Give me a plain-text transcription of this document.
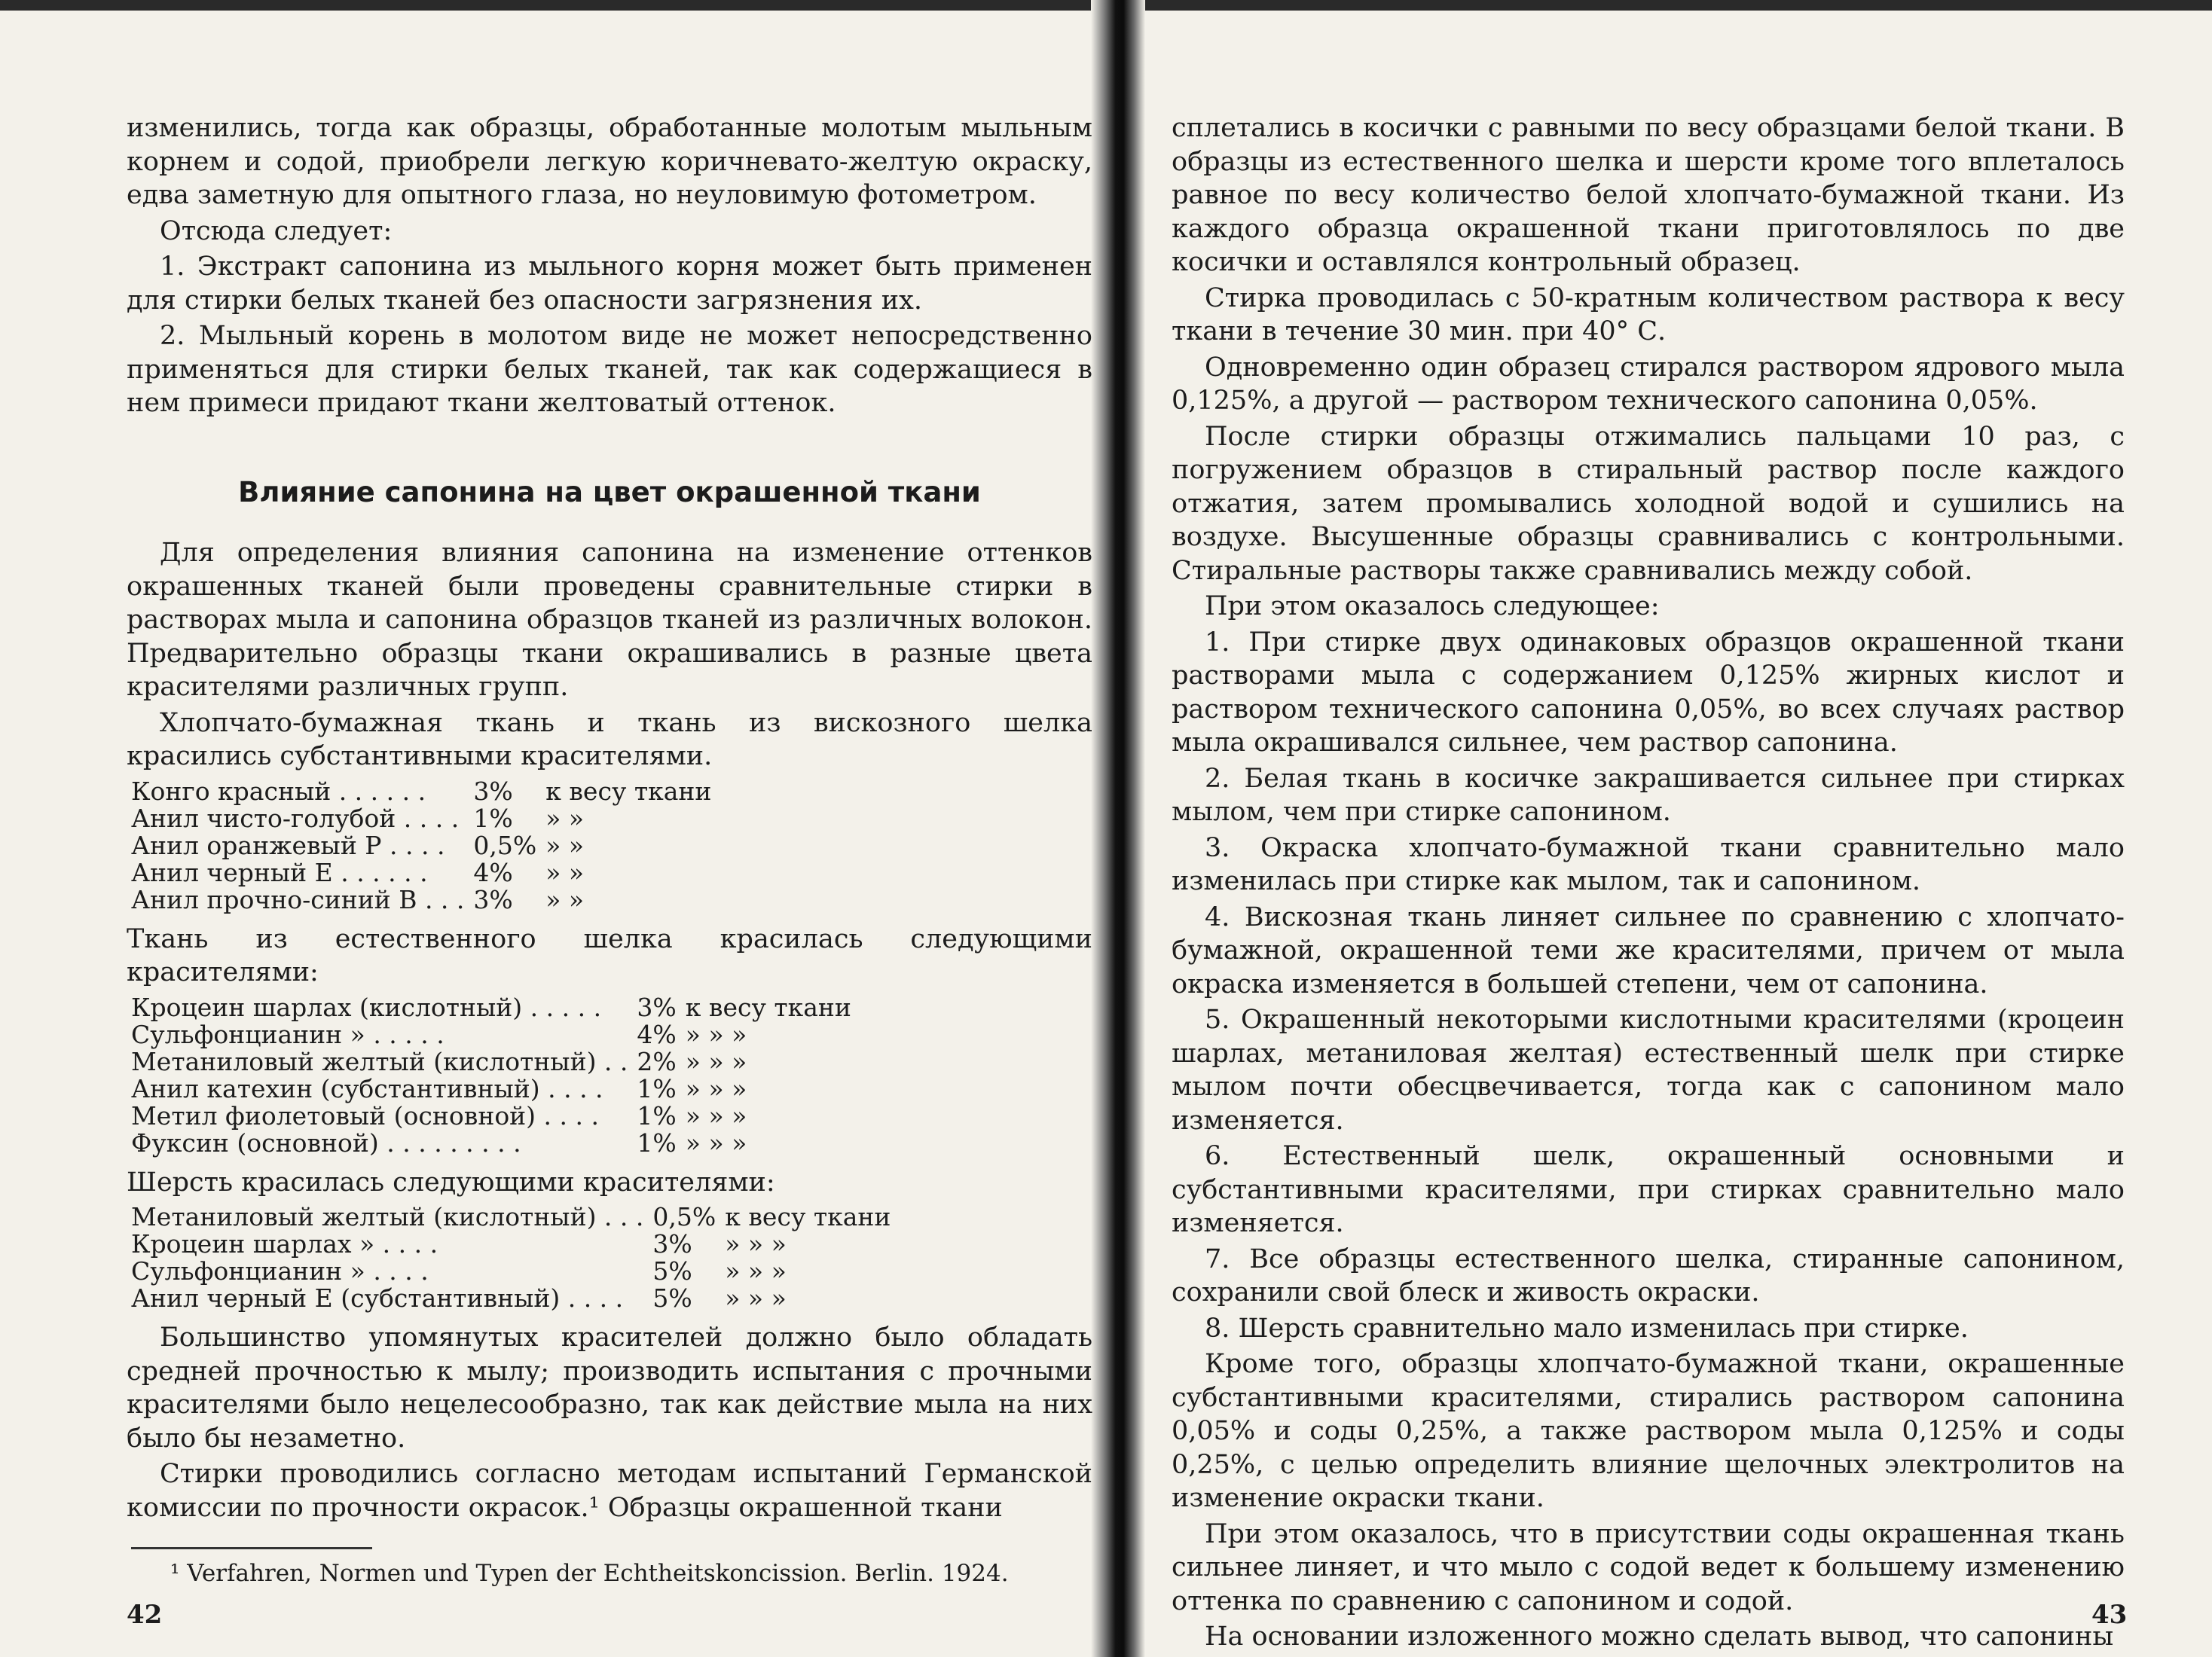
изменились, тогда как образцы, обработанные молотым мыльным корнем и содой, приобрели легкую коричневато-желтую окраску, едва заметную для опытного глаза, но неуловимую фотометром.

Отсюда следует:

1. Экстракт сапонина из мыльного корня может быть применен для стирки белых тканей без опасности загрязнения их.

2. Мыльный корень в молотом виде не может непосредственно применяться для стирки белых тканей, так как содержащиеся в нем примеси придают ткани желтоватый оттенок.

Влияние сапонина на цвет окрашенной ткани

Для определения влияния сапонина на изменение оттенков окрашенных тканей были проведены сравнительные стирки в растворах мыла и сапонина образцов тканей из различных волокон. Предварительно образцы ткани окрашивались в разные цвета красителями различных групп.

Хлопчато-бумажная ткань и ткань из вискозного шелка красились субстантивными красителями.

Конго красный . . . . . .	3%	к весу ткани
Анил чисто-голубой . . . .	1%	» »
Анил оранжевый Р . . . .	0,5%	» »
Анил черный Е . . . . . .	4%	» »
Анил прочно-синий В . . .	3%	» »

Ткань из естественного шелка красилась следующими красителями:

Кроцеин шарлах (кислотный) . . . . .	3%	к весу ткани
Сульфонцианин » . . . . .	4%	» » »
Метаниловый желтый (кислотный) . .	2%	» » »
Анил катехин (субстантивный) . . . .	1%	» » »
Метил фиолетовый (основной) . . . .	1%	» » »
Фуксин (основной) . . . . . . . . .	1%	» » »

Шерсть красилась следующими красителями:

Метаниловый желтый (кислотный) . . .	0,5%	к весу ткани
Кроцеин шарлах » . . . .	3%	» » »
Сульфонцианин » . . . .	5%	» » »
Анил черный Е (субстантивный) . . . .	5%	» » »

Большинство упомянутых красителей должно было обладать средней прочностью к мылу; производить испытания с прочными красителями было нецелесообразно, так как действие мыла на них было бы незаметно.

Стирки проводились согласно методам испытаний Германской комиссии по прочности окрасок.¹ Образцы окрашенной ткани

¹ Verfahren, Normen und Typen der Echtheitskoncission. Berlin. 1924.
42

сплетались в косички с равными по весу образцами белой ткани. В образцы из естественного шелка и шерсти кроме того вплеталось равное по весу количество белой хлопчато-бумажной ткани. Из каждого образца окрашенной ткани приготовлялось по две косички и оставлялся контрольный образец.

Стирка проводилась с 50-кратным количеством раствора к весу ткани в течение 30 мин. при 40° С.

Одновременно один образец стирался раствором ядрового мыла 0,125%, а другой — раствором технического сапонина 0,05%.

После стирки образцы отжимались пальцами 10 раз, с погружением образцов в стиральный раствор после каждого отжатия, затем промывались холодной водой и сушились на воздухе. Высушенные образцы сравнивались с контрольными. Стиральные растворы также сравнивались между собой.

При этом оказалось следующее:

1. При стирке двух одинаковых образцов окрашенной ткани растворами мыла с содержанием 0,125% жирных кислот и раствором технического сапонина 0,05%, во всех случаях раствор мыла окрашивался сильнее, чем раствор сапонина.

2. Белая ткань в косичке закрашивается сильнее при стирках мылом, чем при стирке сапонином.

3. Окраска хлопчато-бумажной ткани сравнительно мало изменилась при стирке как мылом, так и сапонином.

4. Вискозная ткань линяет сильнее по сравнению с хлопчато-бумажной, окрашенной теми же красителями, причем от мыла окраска изменяется в большей степени, чем от сапонина.

5. Окрашенный некоторыми кислотными красителями (кроцеин шарлах, метаниловая желтая) естественный шелк при стирке мылом почти обесцвечивается, тогда как с сапонином мало изменяется.

6. Естественный шелк, окрашенный основными и субстантивными красителями, при стирках сравнительно мало изменяется.

7. Все образцы естественного шелка, стиранные сапонином, сохранили свой блеск и живость окраски.

8. Шерсть сравнительно мало изменилась при стирке.

Кроме того, образцы хлопчато-бумажной ткани, окрашенные субстантивными красителями, стирались раствором сапонина 0,05% и соды 0,25%, а также раствором мыла 0,125% и соды 0,25%, с целью определить влияние щелочных электролитов на изменение окраски ткани.

При этом оказалось, что в присутствии соды окрашенная ткань сильнее линяет, и что мыло с содой ведет к большему изменению оттенка по сравнению с сапонином и содой.

На основании изложенного можно сделать вывод, что сапонины

43
